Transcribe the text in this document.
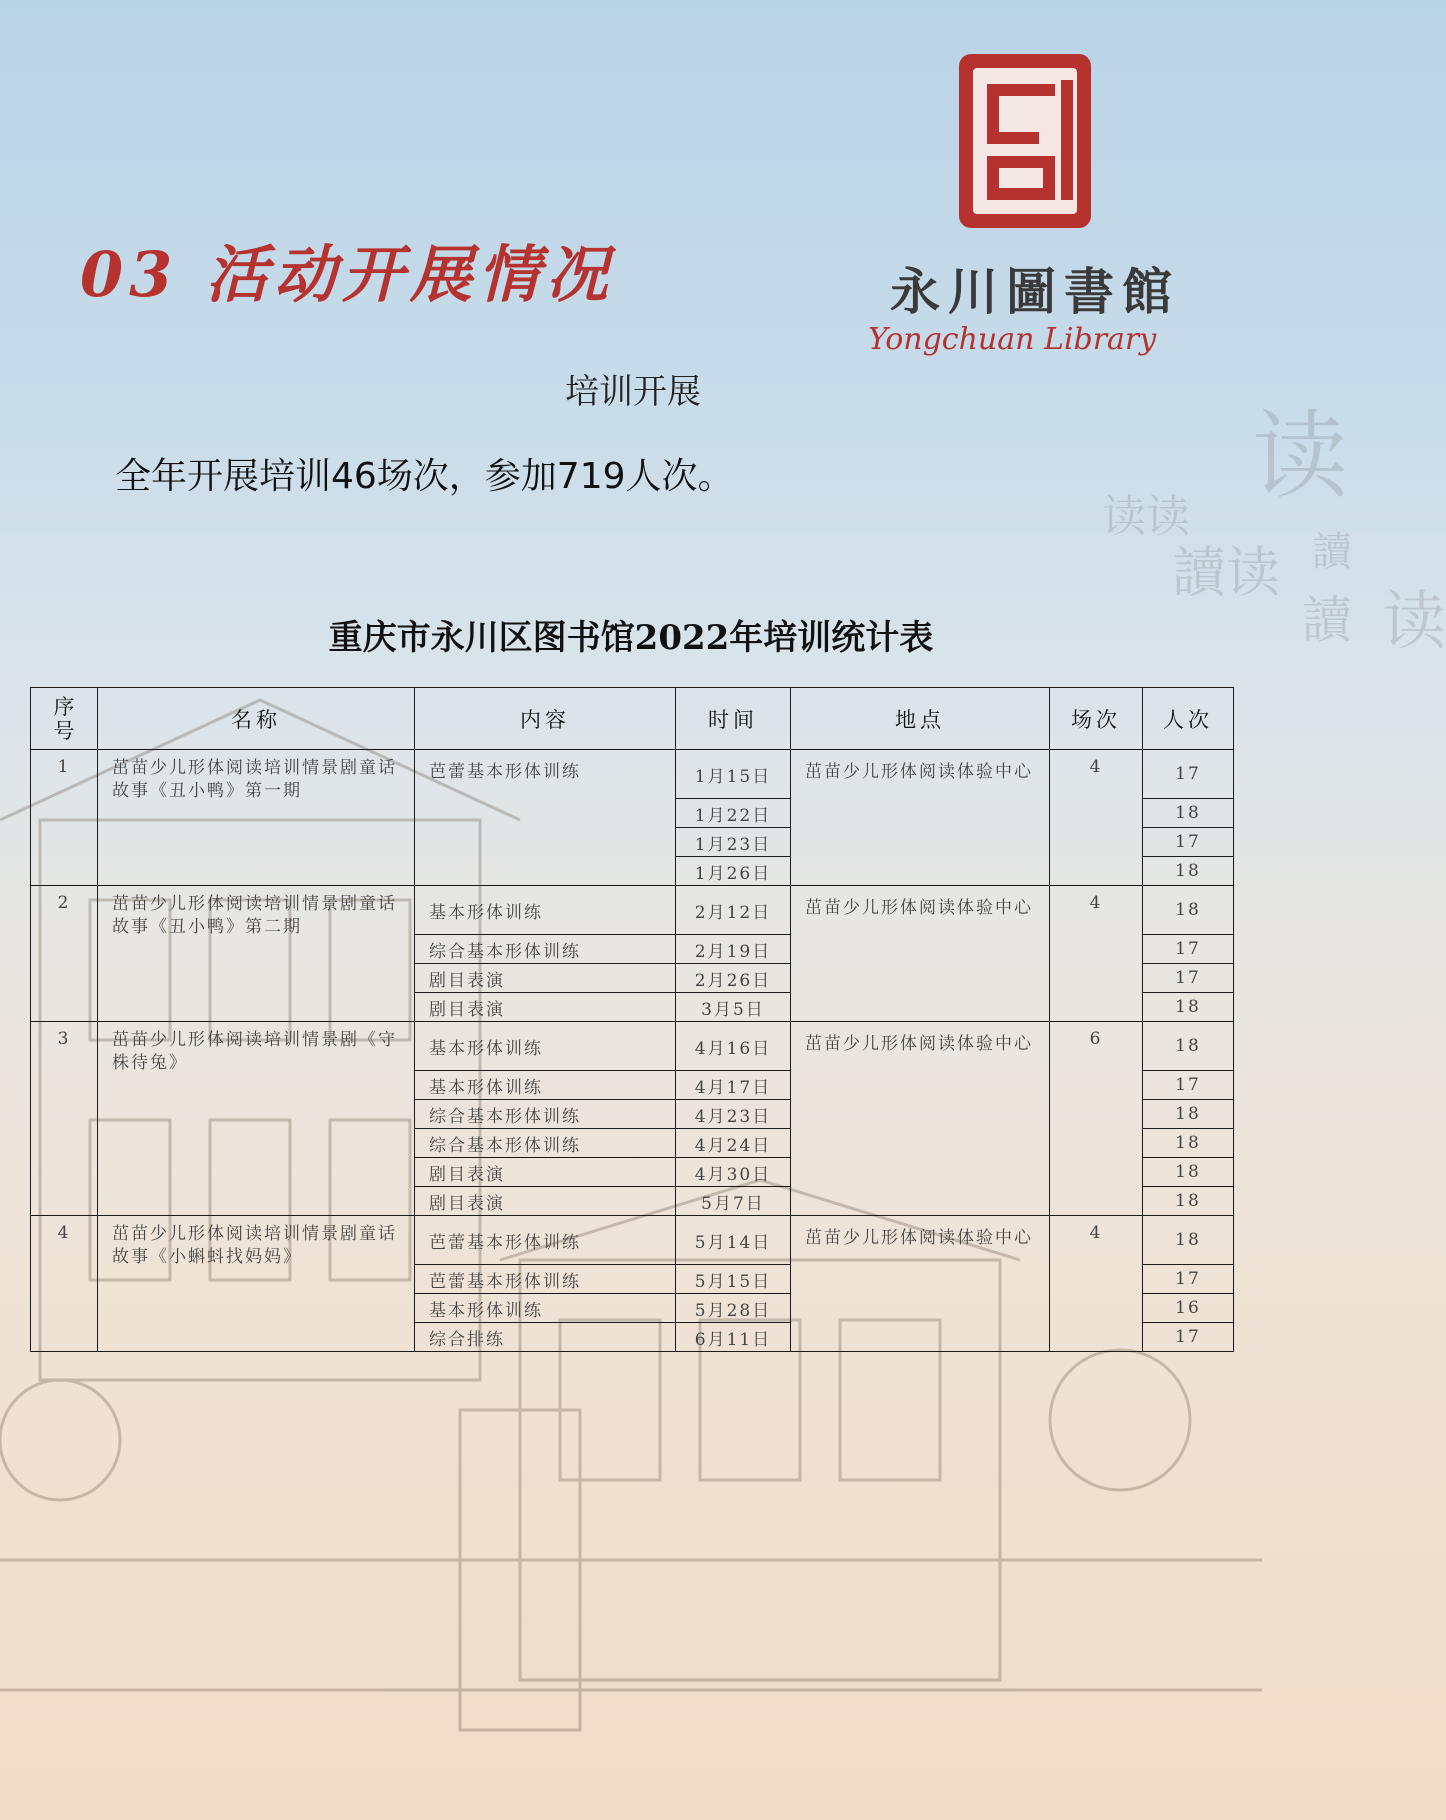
读
读读
讀读 讀
讀 读
03 活动开展情况	永川圖書館
Yongchuan Library
培训开展
全年开展培训46场次，参加719人次。
重庆市永川区图书馆2022年培训统计表
序号	名称	内容	时间	地点	场次	人次
1	茁苗少儿形体阅读培训情景剧童话故事《丑小鸭》第一期	芭蕾基本形体训练	1月15日	茁苗少儿形体阅读体验中心	4	17
			1月22日			18
			1月23日			17
			1月26日			18
2	茁苗少儿形体阅读培训情景剧童话故事《丑小鸭》第二期	基本形体训练	2月12日	茁苗少儿形体阅读体验中心	4	18
		综合基本形体训练	2月19日			17
		剧目表演	2月26日			17
		剧目表演	3月5日			18
3	茁苗少儿形体阅读培训情景剧《守株待兔》	基本形体训练	4月16日	茁苗少儿形体阅读体验中心	6	18
		基本形体训练	4月17日			17
		综合基本形体训练	4月23日			18
		综合基本形体训练	4月24日			18
		剧目表演	4月30日			18
		剧目表演	5月7日			18
4	茁苗少儿形体阅读培训情景剧童话故事《小蝌蚪找妈妈》	芭蕾基本形体训练	5月14日	茁苗少儿形体阅读体验中心	4	18
		芭蕾基本形体训练	5月15日			17
		基本形体训练	5月28日			16
		综合排练	6月11日			17
